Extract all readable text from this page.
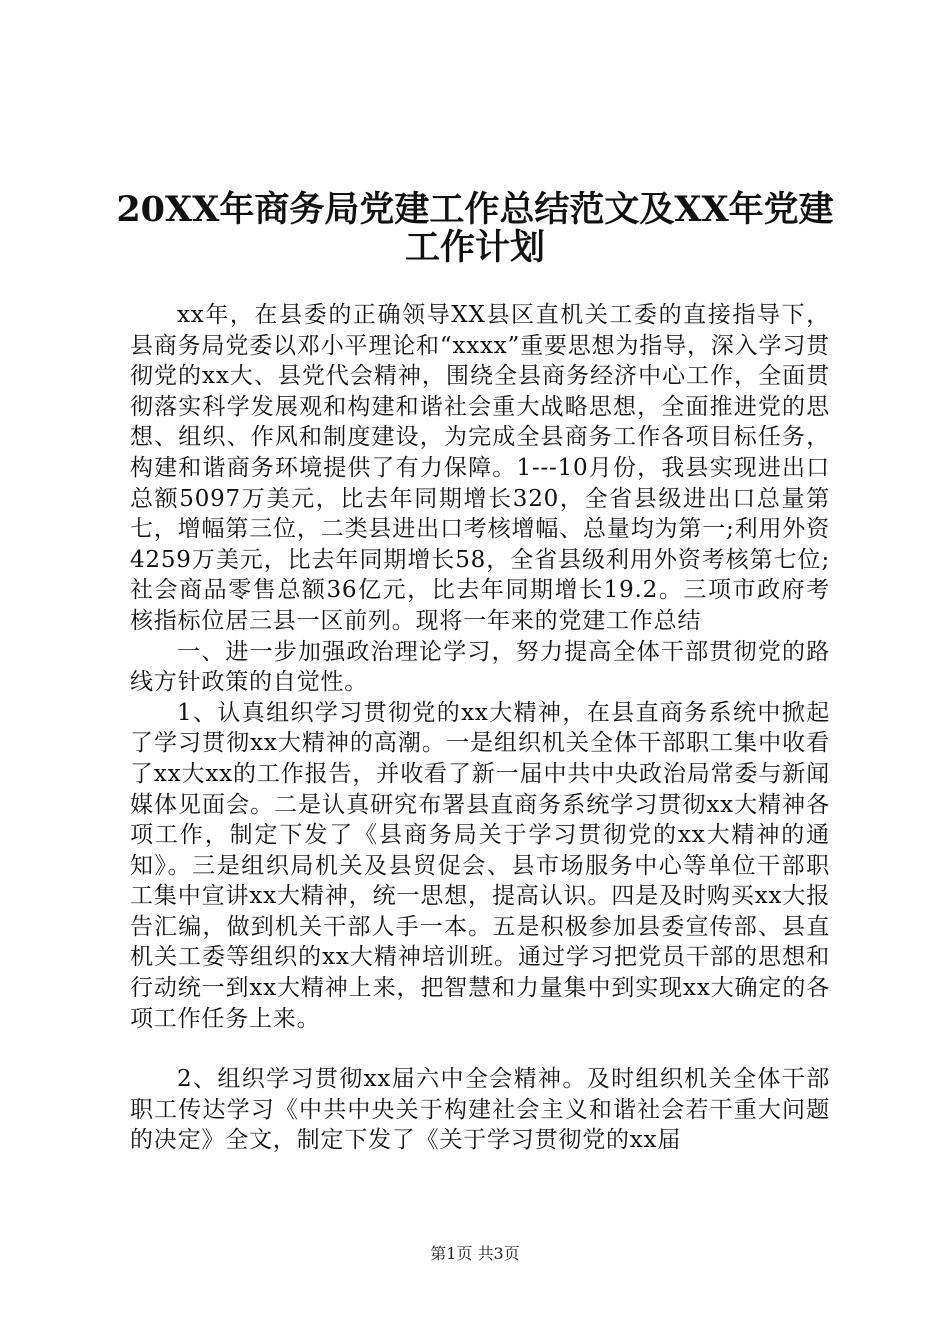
20XX年商务局党建工作总结范文及XX年党建
工作计划

xx年，在县委的正确领导XX县区直机关工委的直接指导下，县商务局党委以邓小平理论和“xxxx”重要思想为指导，深入学习贯彻党的xx大、县党代会精神，围绕全县商务经济中心工作，全面贯彻落实科学发展观和构建和谐社会重大战略思想，全面推进党的思想、组织、作风和制度建设，为完成全县商务工作各项目标任务，构建和谐商务环境提供了有力保障。1---10月份，我县实现进出口总额5097万美元，比去年同期增长320，全省县级进出口总量第七，增幅第三位，二类县进出口考核增幅、总量均为第一;利用外资4259万美元，比去年同期增长58，全省县级利用外资考核第七位;社会商品零售总额36亿元，比去年同期增长19.2。三项市政府考核指标位居三县一区前列。现将一年来的党建工作总结

一、进一步加强政治理论学习，努力提高全体干部贯彻党的路线方针政策的自觉性。

1、认真组织学习贯彻党的xx大精神，在县直商务系统中掀起了学习贯彻xx大精神的高潮。一是组织机关全体干部职工集中收看了xx大xx的工作报告，并收看了新一届中共中央政治局常委与新闻媒体见面会。二是认真研究布署县直商务系统学习贯彻xx大精神各项工作，制定下发了《县商务局关于学习贯彻党的xx大精神的通知》。三是组织局机关及县贸促会、县市场服务中心等单位干部职工集中宣讲xx大精神，统一思想，提高认识。四是及时购买xx大报告汇编，做到机关干部人手一本。五是积极参加县委宣传部、县直机关工委等组织的xx大精神培训班。通过学习把党员干部的思想和行动统一到xx大精神上来，把智慧和力量集中到实现xx大确定的各项工作任务上来。

2、组织学习贯彻xx届六中全会精神。及时组织机关全体干部职工传达学习《中共中央关于构建社会主义和谐社会若干重大问题的决定》全文，制定下发了《关于学习贯彻党的xx届

第1页 共3页
